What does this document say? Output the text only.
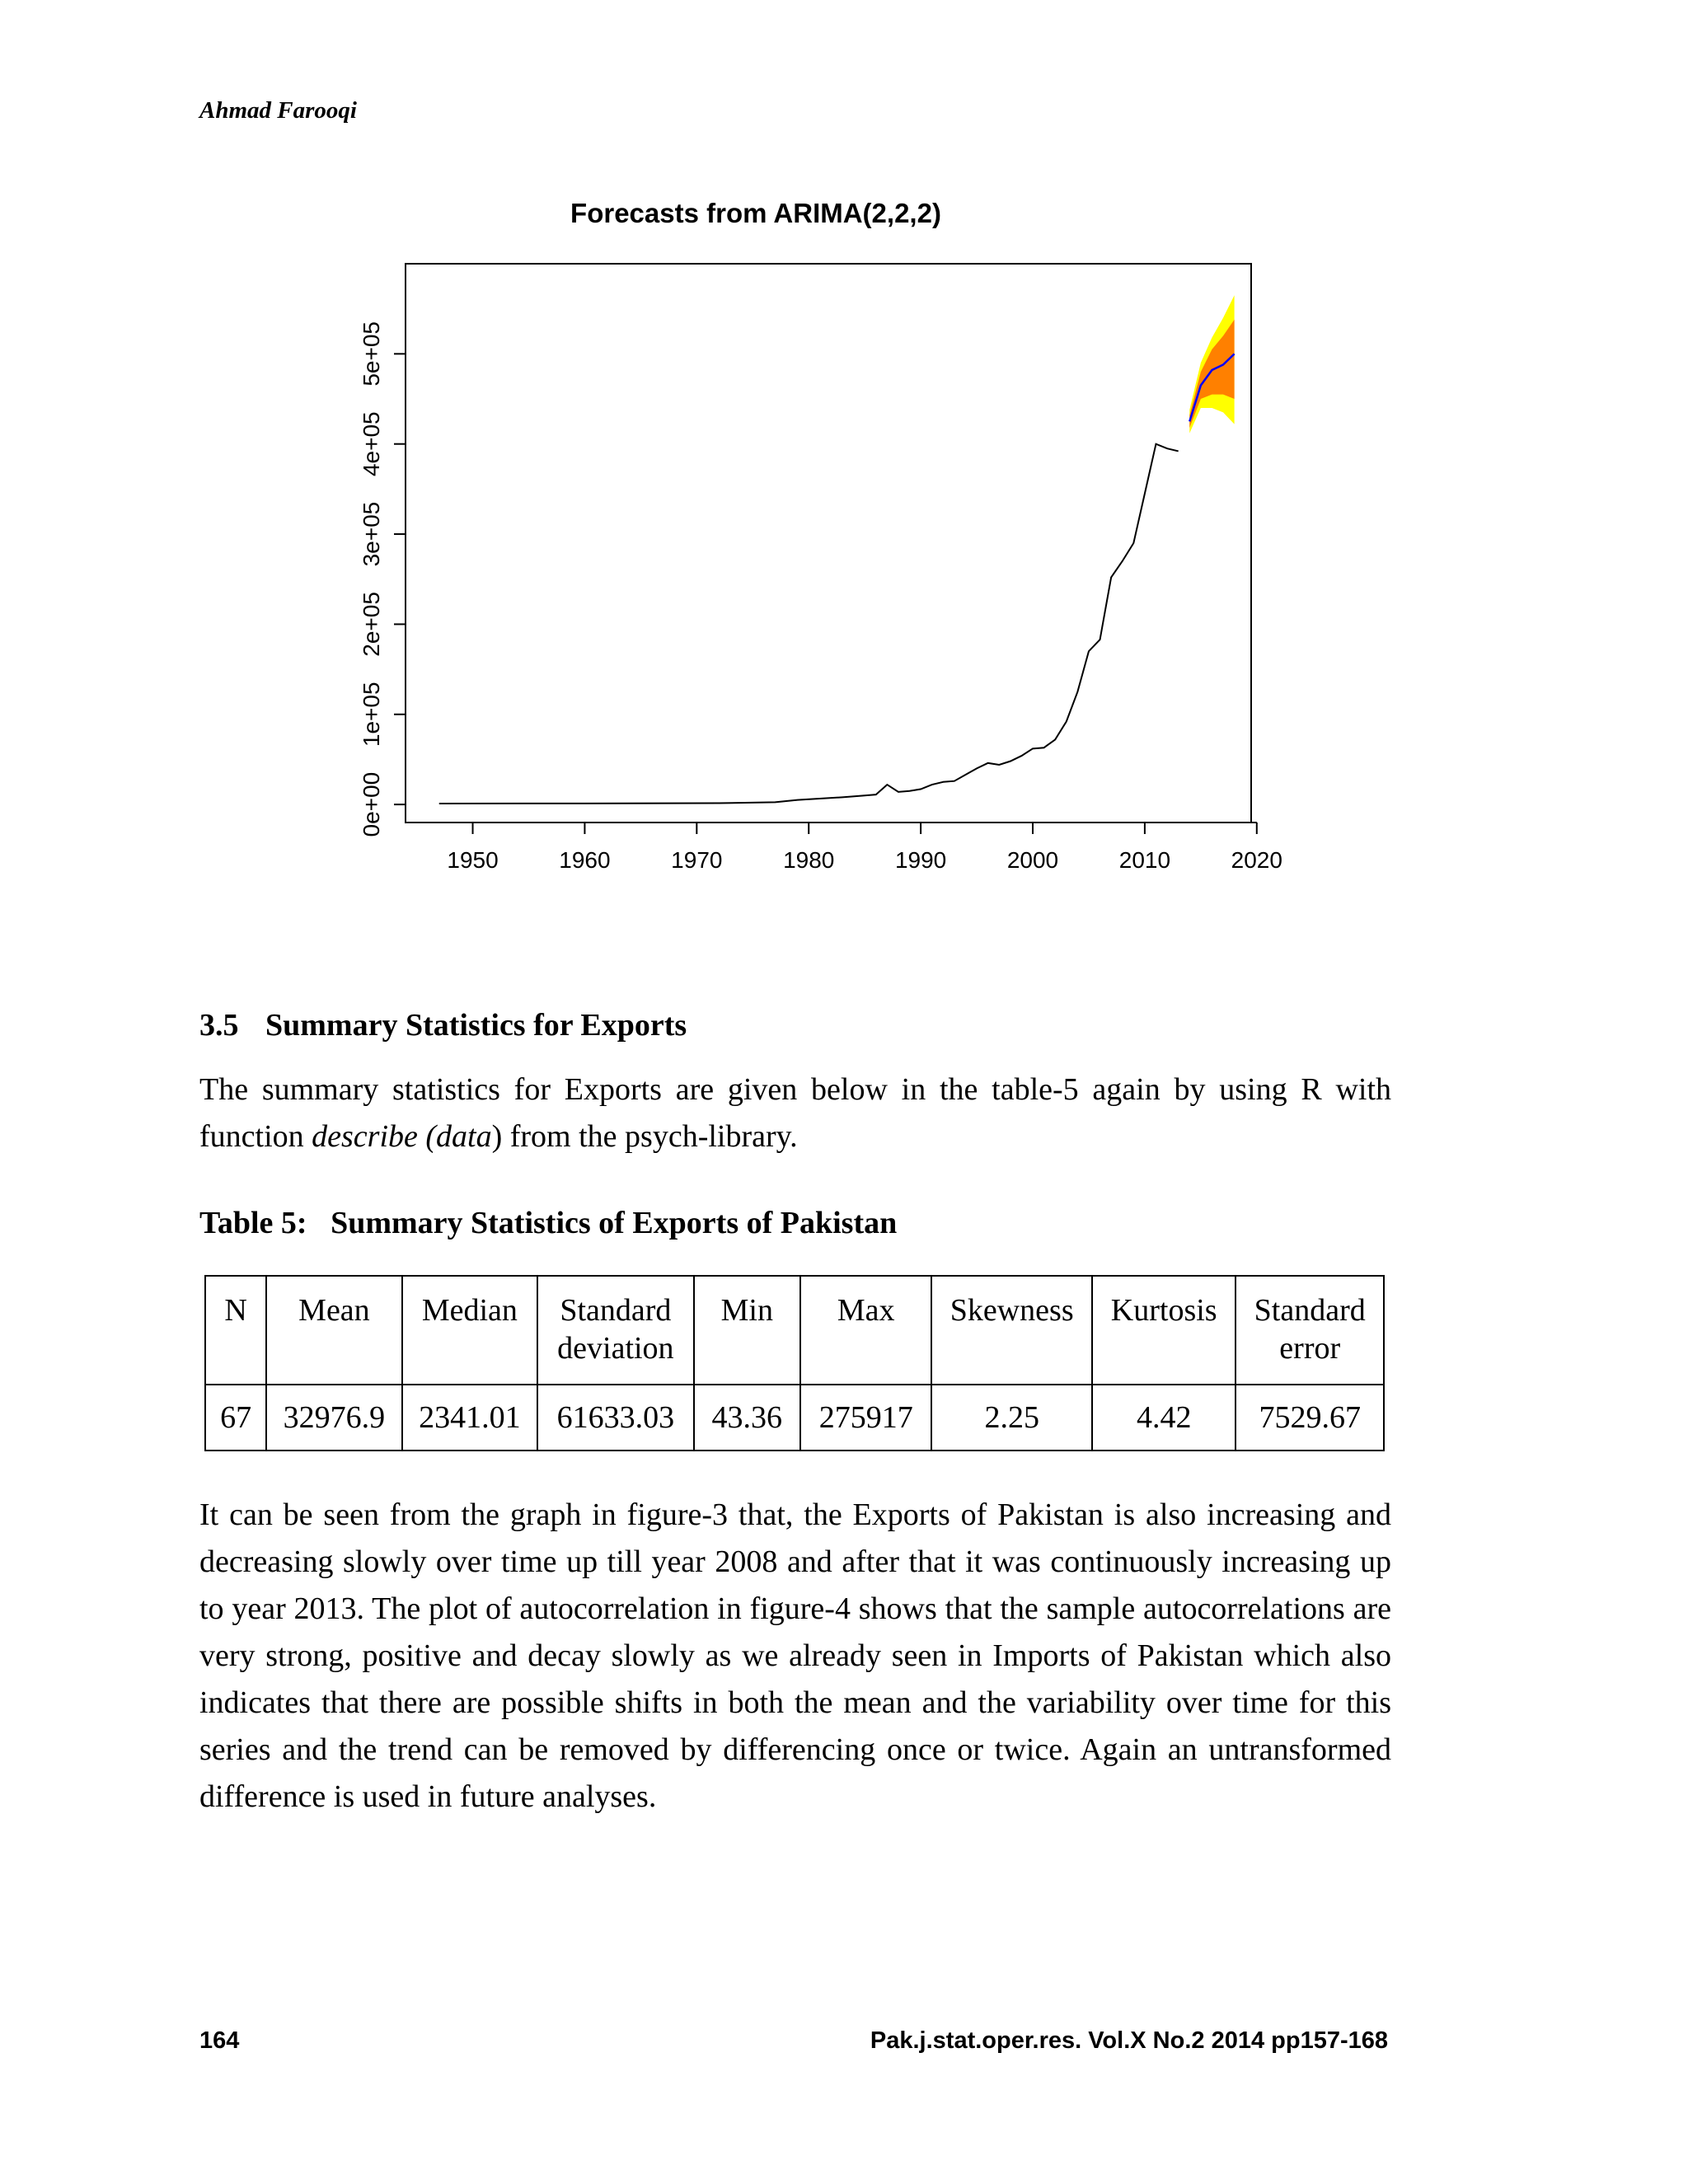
Ahmad Farooqi
Forecasts from ARIMA(2,2,2)
1950	1960	1970	1980	1990	2000	2010	2020
0e+00
1e+05
2e+05
3e+05
4e+05
5e+05
3.5 Summary Statistics for Exports

The summary statistics for Exports are given below in the table-5 again by using R with function describe (data) from the psych-library.

Table 5: Summary Statistics of Exports of Pakistan
N	Mean	Median	Standard deviation	Min	Max	Skewness	Kurtosis	Standard error
67	32976.9	2341.01	61633.03	43.36	275917	2.25	4.42	7529.67

It can be seen from the graph in figure-3 that, the Exports of Pakistan is also increasing and decreasing slowly over time up till year 2008 and after that it was continuously increasing up to year 2013. The plot of autocorrelation in figure-4 shows that the sample autocorrelations are very strong, positive and decay slowly as we already seen in Imports of Pakistan which also indicates that there are possible shifts in both the mean and the variability over time for this series and the trend can be removed by differencing once or twice. Again an untransformed difference is used in future analyses.

164	Pak.j.stat.oper.res. Vol.X No.2 2014 pp157-168
